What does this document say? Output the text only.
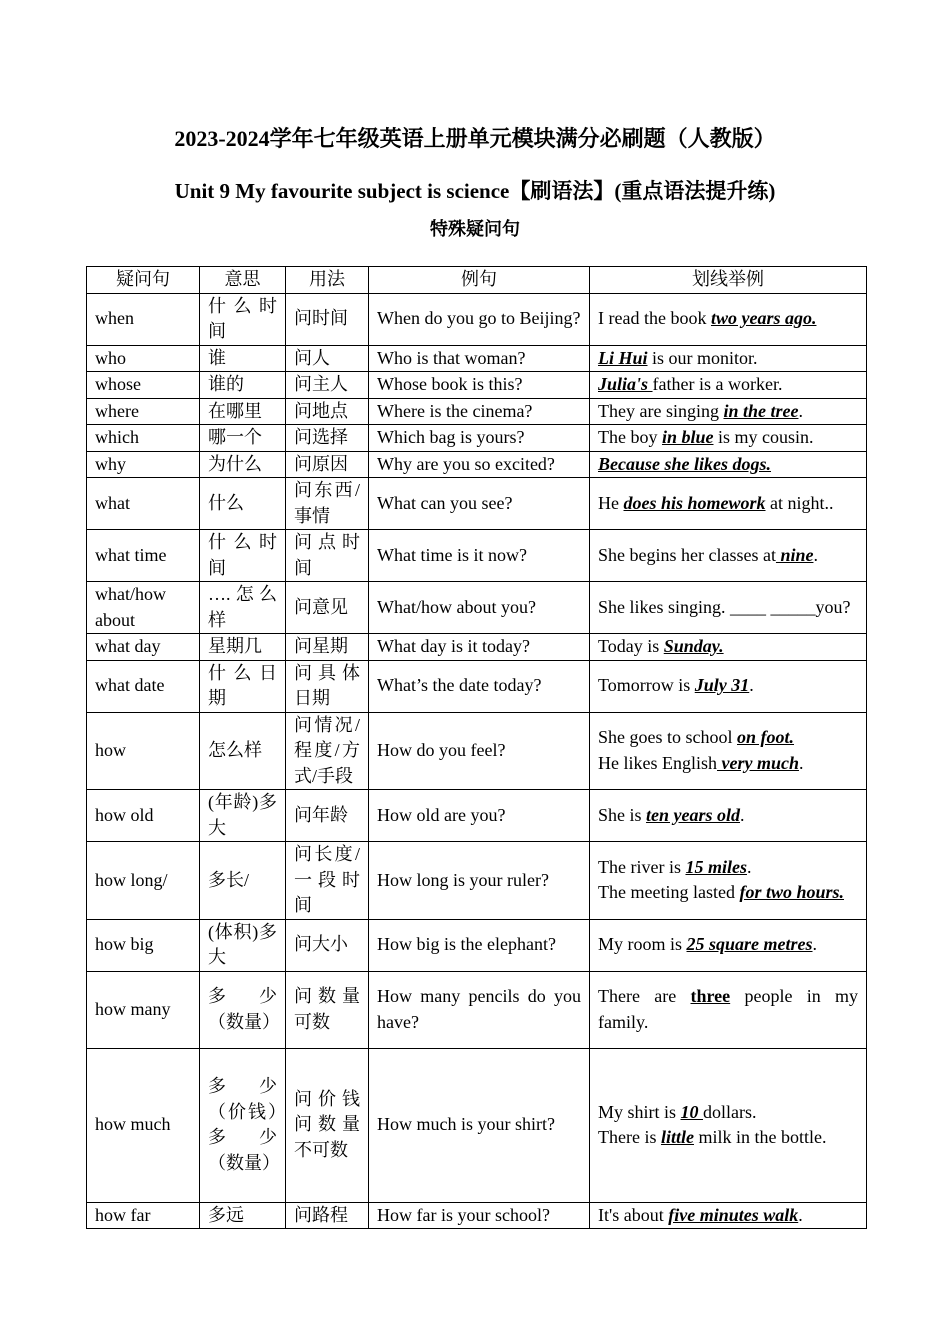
2023-2024学年七年级英语上册单元模块满分必刷题（人教版）
Unit 9 My favourite subject is science【刷语法】(重点语法提升练)
特殊疑问句
疑问句	意思	用法	例句	划线举例
when	什么时间	问时间	When do you go to Beijing?	I read the book two years ago.
who	谁	问人	Who is that woman?	Li Hui is our monitor.
whose	谁的	问主人	Whose book is this?	Julia's father is a worker.
where	在哪里	问地点	Where is the cinema?	They are singing in the tree.
which	哪一个	问选择	Which bag is yours?	The boy in blue is my cousin.
why	为什么	问原因	Why are you so excited?	Because she likes dogs.
what	什么	问东西/事情	What can you see?	He does his homework at night..
what time	什么时间	问点时间	What time is it now?	She begins her classes at nine.
what/how about	….怎么样	问意见	What/how about you?	She likes singing. ____ _____you?
what day	星期几	问星期	What day is it today?	Today is Sunday.
what date	什么日期	问具体日期	What’s the date today?	Tomorrow is July 31.
how	怎么样	问情况/程度/方式/手段	How do you feel?	She goes to school on foot.
He likes English very much.

how old	(年龄)多大	问年龄	How old are you?	She is ten years old.
how long/	多长/	问长度/一段时间	How long is your ruler?	The river is 15 miles.
The meeting lasted for two hours.

how big	(体积)多大	问大小	How big is the elephant?	My room is 25 square metres.
how many	多少（数量）	问数量可数	How many pencils do you have?	There are three people in my family.
how much	多少（价钱）多少（数量）	问价钱问数量不可数	How much is your shirt?	My shirt is 10 dollars.
There is little milk in the bottle.

how far	多远	问路程	How far is your school?	It's about five minutes walk.
